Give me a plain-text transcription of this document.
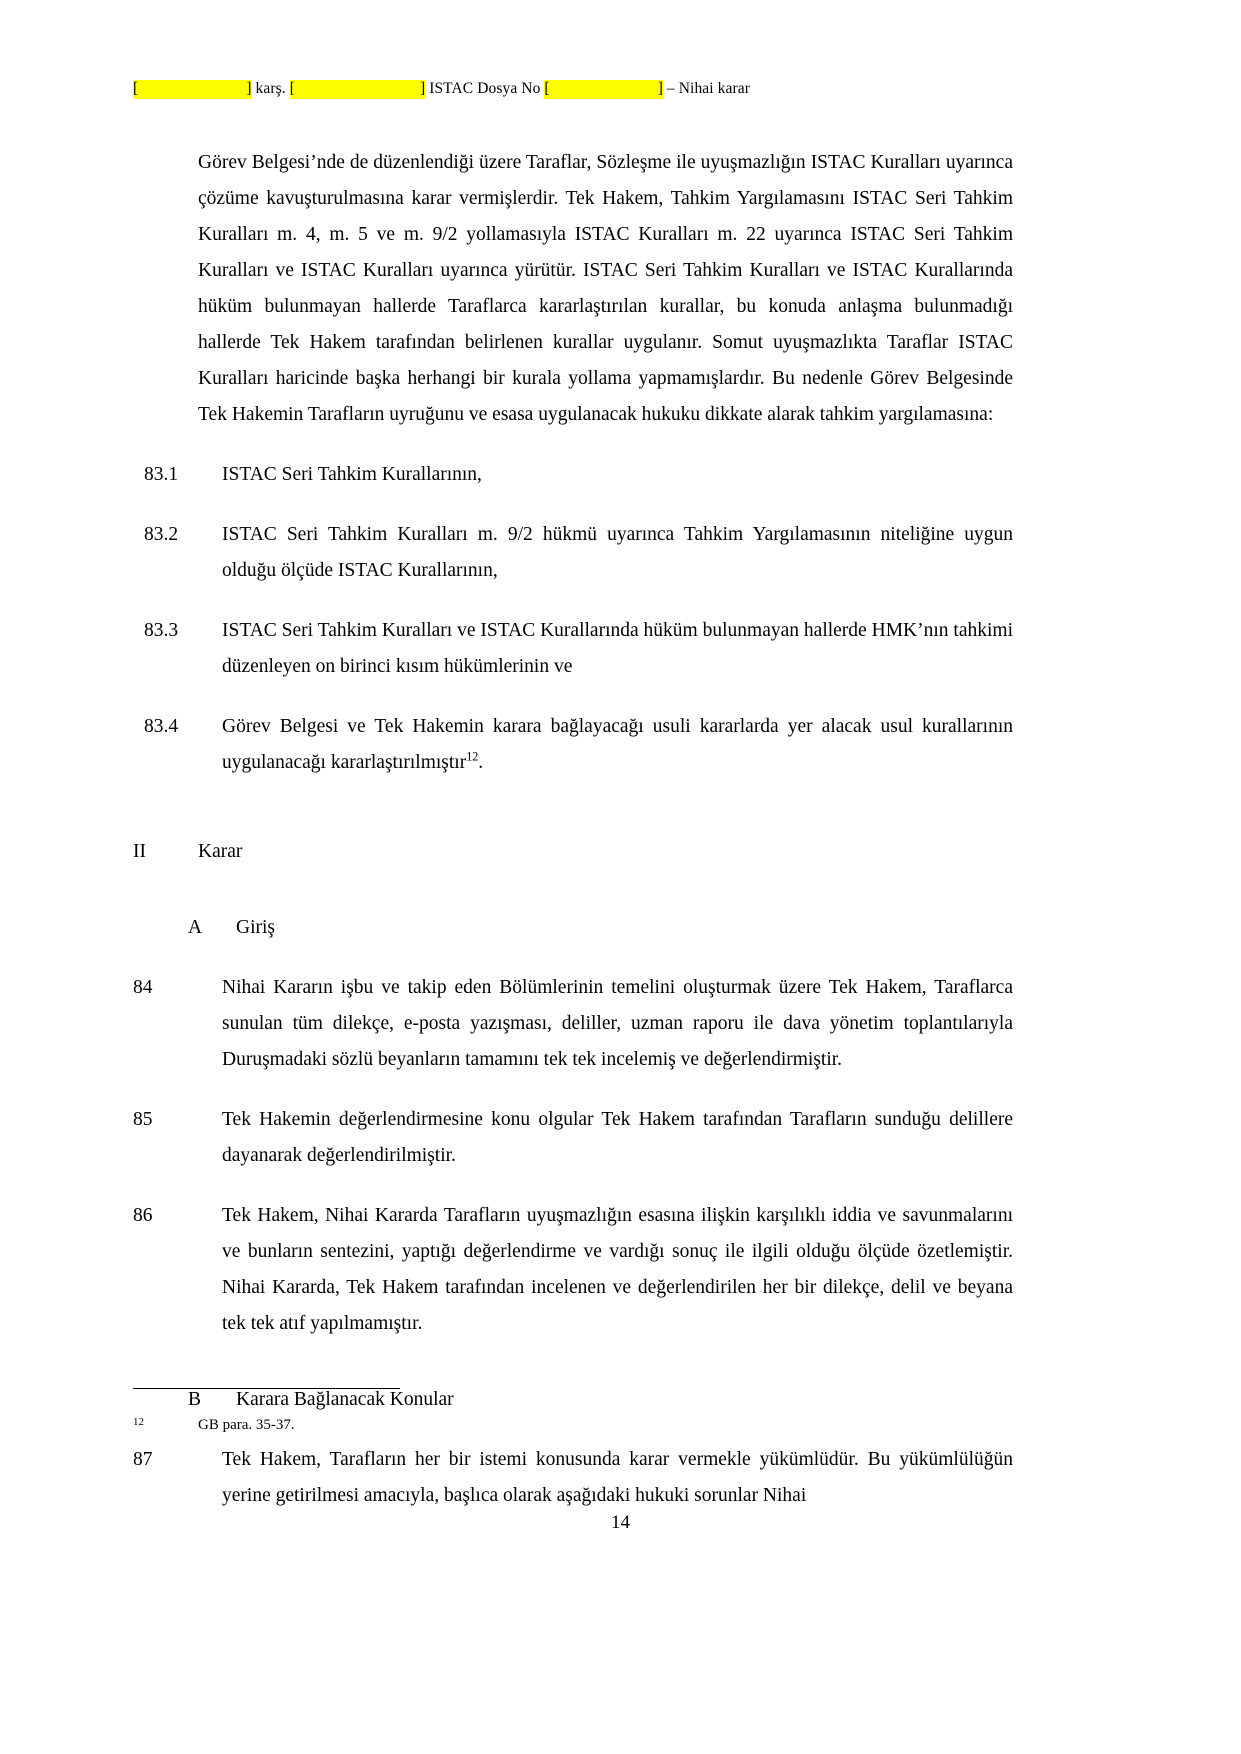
[	] karş. [	] ISTAC Dosya No [	] – Nihai karar
Görev Belgesi’nde de düzenlendiği üzere Taraflar, Sözleşme ile uyuşmazlığın ISTAC Kuralları uyarınca çözüme kavuşturulmasına karar vermişlerdir. Tek Hakem, Tahkim Yargılamasını ISTAC Seri Tahkim Kuralları m. 4, m. 5 ve m. 9/2 yollamasıyla ISTAC Kuralları m. 22 uyarınca ISTAC Seri Tahkim Kuralları ve ISTAC Kuralları uyarınca yürütür. ISTAC Seri Tahkim Kuralları ve ISTAC Kurallarında hüküm bulunmayan hallerde Taraflarca kararlaştırılan kurallar, bu konuda anlaşma bulunmadığı hallerde Tek Hakem tarafından belirlenen kurallar uygulanır. Somut uyuşmazlıkta Taraflar ISTAC Kuralları haricinde başka herhangi bir kurala yollama yapmamışlardır. Bu nedenle Görev Belgesinde Tek Hakemin Tarafların uyruğunu ve esasa uygulanacak hukuku dikkate alarak tahkim yargılamasına:
83.1	ISTAC Seri Tahkim Kurallarının,
83.2	ISTAC Seri Tahkim Kuralları m. 9/2 hükmü uyarınca Tahkim Yargılamasının niteliğine uygun olduğu ölçüde ISTAC Kurallarının,
83.3	ISTAC Seri Tahkim Kuralları ve ISTAC Kurallarında hüküm bulunmayan hallerde HMK’nın tahkimi düzenleyen on birinci kısım hükümlerinin ve
83.4	Görev Belgesi ve Tek Hakemin karara bağlayacağı usuli kararlarda yer alacak usul kurallarının uygulanacağı kararlaştırılmıştır$^{12}$.
II	Karar
A	Giriş
84	Nihai Kararın işbu ve takip eden Bölümlerinin temelini oluşturmak üzere Tek Hakem, Taraflarca sunulan tüm dilekçe, e-posta yazışması, deliller, uzman raporu ile dava yönetim toplantılarıyla Duruşmadaki sözlü beyanların tamamını tek tek incelemiş ve değerlendirmiştir.
85	Tek Hakemin değerlendirmesine konu olgular Tek Hakem tarafından Tarafların sunduğu delillere dayanarak değerlendirilmiştir.
86	Tek Hakem, Nihai Kararda Tarafların uyuşmazlığın esasına ilişkin karşılıklı iddia ve savunmalarını ve bunların sentezini, yaptığı değerlendirme ve vardığı sonuç ile ilgili olduğu ölçüde özetlemiştir. Nihai Kararda, Tek Hakem tarafından incelenen ve değerlendirilen her bir dilekçe, delil ve beyana tek tek atıf yapılmamıştır.
B	Karara Bağlanacak Konular
87	Tek Hakem, Tarafların her bir istemi konusunda karar vermekle yükümlüdür. Bu yükümlülüğün yerine getirilmesi amacıyla, başlıca olarak aşağıdaki hukuki sorunlar Nihai
12	GB para. 35-37.
14
